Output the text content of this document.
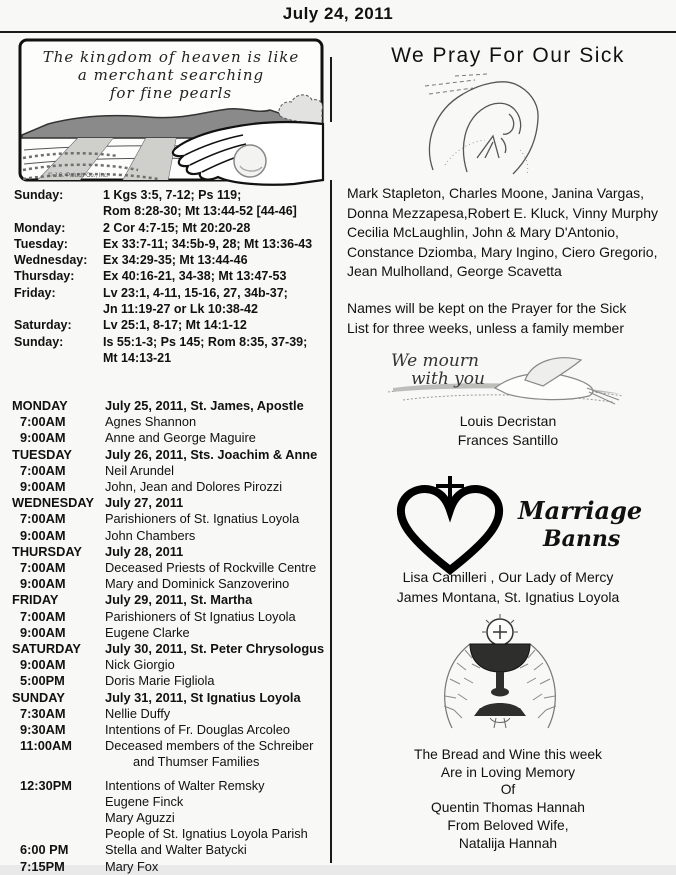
July 24, 2011
The kingdom of heaven is like
a merchant searching
for fine pearls
© J.S. Paluch Co., Inc.
Sunday:	1 Kgs 3:5, 7-12; Ps 119;
Rom 8:28-30; Mt 13:44-52 [44-46]
Monday:	2 Cor 4:7-15; Mt 20:20-28
Tuesday:	Ex 33:7-11; 34:5b-9, 28; Mt 13:36-43
Wednesday:	Ex 34:29-35; Mt 13:44-46
Thursday:	Ex 40:16-21, 34-38; Mt 13:47-53
Friday:	Lv 23:1, 4-11, 15-16, 27, 34b-37;
Jn 11:19-27 or Lk 10:38-42
Saturday:	Lv 25:1, 8-17; Mt 14:1-12
Sunday:	Is 55:1-3; Ps 145; Rom 8:35, 37-39;
Mt 14:13-21
MONDAY	July 25, 2011, St. James, Apostle
7:00AM	Agnes Shannon
9:00AM	Anne and George Maguire
TUESDAY	July 26, 2011, Sts. Joachim & Anne
7:00AM	Neil Arundel
9:00AM	John, Jean and Dolores Pirozzi
WEDNESDAY July 27, 2011
7:00AM	Parishioners of St. Ignatius Loyola
9:00AM	John Chambers
THURSDAY	July 28, 2011
7:00AM	Deceased Priests of Rockville Centre
9:00AM	Mary and Dominick Sanzoverino
FRIDAY	July 29, 2011, St. Martha
7:00AM	Parishioners of St Ignatius Loyola
9:00AM	Eugene Clarke
SATURDAY	July 30, 2011, St. Peter Chrysologus
9:00AM	Nick Giorgio
5:00PM	Doris Marie Figliola
SUNDAY	July 31, 2011, St Ignatius Loyola
7:30AM	Nellie Duffy
9:30AM	Intentions of Fr. Douglas Arcoleo
11:00AM	Deceased members of the Schreiber
and Thumser Families
12:30PM	Intentions of Walter Remsky
Eugene Finck
Mary Aguzzi
People of St. Ignatius Loyola Parish
6:00 PM	Stella and Walter Batycki
7:15PM	Mary Fox
We Pray For Our Sick
Mark Stapleton, Charles Moone, Janina Vargas,
Donna Mezzapesa,Robert E. Kluck, Vinny Murphy
Cecilia McLaughlin, John & Mary D'Antonio,
Constance Dziomba, Mary Ingino, Ciero Gregorio,
Jean Mulholland, George Scavetta
Names will be kept on the Prayer for the Sick
List for three weeks, unless a family member
We mourn
with you
Louis Decristan
Frances Santillo
Marriage
Banns
Lisa Camilleri , Our Lady of Mercy
James Montana, St. Ignatius Loyola
The Bread and Wine this week
Are in Loving Memory
Of
Quentin Thomas Hannah
From Beloved Wife,
Natalija Hannah
